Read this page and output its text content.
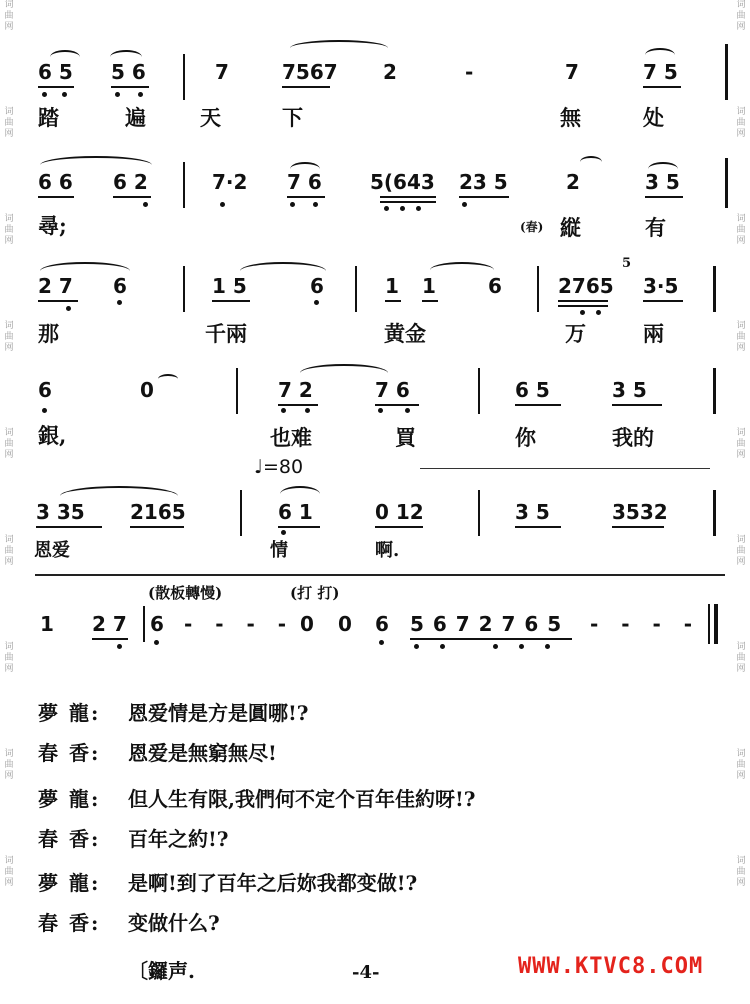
词
曲
网
词
曲
网
词
曲
网
词
曲
网
词
曲
网
词
曲
网
词
曲
网
词
曲
网
词
曲
网
词
曲
网
词
曲
网
词
曲
网
词
曲
网
词
曲
网
词
曲
网
词
曲
网
词
曲
网
词
曲
网
6 5 5 6	7	7567 2	-	7	7 5
踏	遍	天	下	無	处
6 6 6 2	7·2 7 6 5(643 23 5	2	3 5
尋;	(春) 縦	有
2 7 6	1 5	6	1 1	6	2765
5
3·5
那	千兩	黄金	万	兩
6	0	7 2	7 6	6 5	3 5
銀,	也难	買	你	我的
♩=80
3 35 2165	6 1	0 12	3 5	3532
恩爱	情	啊.
(散板轉慢)	(打 打)
1 2 7 6 - - - - 0 0 6 5 6 7 2 7 6 5 - - - -
夢 龍: 恩爱情是方是圓哪!?
春 香: 恩爱是無窮無尽!
夢 龍: 但人生有限,我們何不定个百年佳約呀!?
春 香: 百年之約!?
夢 龍: 是啊!到了百年之后妳我都变做!?
春 香: 变做什么?
〔鑼声.	-4-	WWW.KTVC8.COM
